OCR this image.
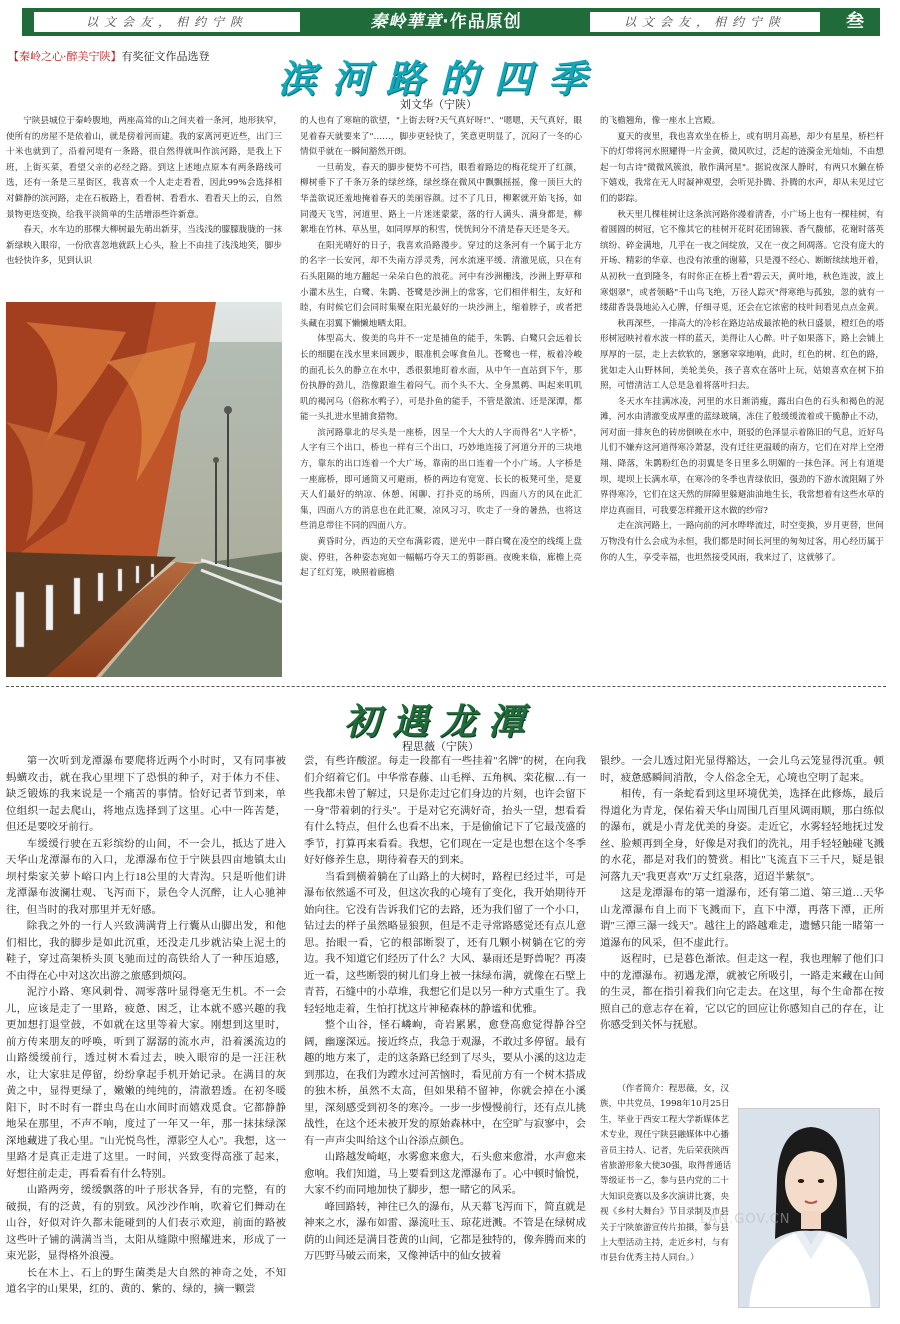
以文会友，相约宁陕	秦岭華章·作品原创	以文会友，相约宁陕	叁
【秦岭之心·醉美宁陕】有奖征文作品选登	滨河路的四季
刘文华（宁陕）

宁陕县城位于秦岭腹地，两座高耸的山之间夹着一条河，地形狭窄，使所有的房屋不是依着山，就是傍着河而建。我的家离河更近些，出门三十米也就到了，沿着河堤有一条路，很自然得就叫作滨河路，是我上下班，上街买菜，看望父亲的必经之路。到这上述地点原本有两条路线可选，还有一条是三星街区，我喜欢一个人走走看看，因此99%会选择相对僻静的滨河路，走在石板路上，看看树、看看水、看看天上的云，自然景物更迭变换，给我平淡简单的生活增添些许新意。

春天，水车边的那棵大柳树最先萌出新芽，当浅浅的朦朦胧胧的一抹新绿映入眼帘，一份欣喜忽地就跃上心头，脸上不由挂了浅浅地笑，脚步也轻快许多，见到认识

的人也有了寒暄的欲望，"上街去呀?天气真好呀!"、"嗯嗯，天气真好，眼见着春天就要来了"……，脚步更轻快了，笑意更明显了，沉闷了一冬的心情似乎就在一瞬间豁然开朗。

一旦萌发，春天的脚步便势不可挡，眼看着路边的梅花绽开了红颜，柳树垂下了千条万条的绿丝绦，绿丝绦在微风中飘飘摇摇，像一顶巨大的华盖欲说还羞地掩着春天的美丽容颜。过不了几日，柳絮就开始飞扬，如同漫天飞雪，河道里、路上一片迷迷蒙蒙，落的行人满头、满身都是，柳絮堆在竹林、草丛里，如同厚厚的积雪，恍恍间分不清是春天还是冬天。

在阳光晴好的日子，我喜欢沿路漫步。穿过的这条河有一个属于北方的名字一长安河，却不失南方浮灵秀，河水流速平缓、清澈见底，只在有石头阻隔的地方翻起一朵朵白色的浪花。河中有沙洲栅浅，沙洲上野草和小灌木丛生，白鹭、朱鹮、苍鹭是沙洲上的常客，它们相伴相生，友好和睦，有时候它们会同时集聚在阳光最好的一块沙洲上，缩着脖子，或者把头藏在羽翼下懒懒地晒太阳。

体型高大、俊美的鸟并不一定是捕鱼的能手，朱鹮、白鹭只会远着长长的细腿在浅水里来回踱步，眼准机会啄食鱼儿。苍鹭也一样，板着冷峻的面孔长久的静立在水中，悉很狠地盯着水面，从中午一直站到下午，那份执静的劲儿，浩像跟谁生着闷气。而个头不大、全身黑鹈、叫起来叽叽叽的褐河乌（俗称水鸭子），可是扑鱼的能手，不管是激流、还是深潭，都能一头扎进水里捕食猎物。

滨河路靠北的尽头是一座桥，因呈一个大大的人字而得名"人字桥"，人字有三个出口，桥也一样有三个出口，巧妙地连接了河道分开的三块地方，靠东的出口连着一个大广场，靠南的出口连着一个小广场。人字桥是一座廊桥，即可通简又可避雨，桥的两边有宽宽、长长的板凳可坐，是夏天人们最好的纳凉、休憩、闲聊、打扑克的场所，四面八方的风在此汇集，四面八方的消息也在此汇聚，凉风习习，吹走了一身的暑热，也将这些消息带往不同的四面八方。

黄昏时分，西边的天空布满彩霞，逆光中一群白鹭在凌空的线缆上盘旋、停驻，各种姿态宛如一幅幅巧夺天工的剪影画。夜晚来临，廊檐上亮起了红灯笼，映照着廊檐

的飞檐翘角，像一座水上宫殿。

夏天的夜里，我也喜欢坐在桥上，或有明月高悬，却少有星星，桥栏杆下的灯带将河水照耀得一片金黄，微风吹过，泛起的涟漪金光灿灿，不由想起一句古诗"微微风簇浪，散作满河星"。据说夜深人静时，有两只水獭在桥下嬉戏，我常在无人时凝神观望，会听见扑腾、扑腾的水声，却从未见过它们的影踪。

秋天里几棵桂树让这条滨河路你漫着清香，小广场上也有一棵桂树，有着圆圆的树冠，它不像其它的桂树开花时花团锦簇、香气馥郁，花谢时落英缤纷、碎金满地，几乎在一夜之间绽放，又在一夜之间凋落。它没有庞大的开场、精彩的华章、也没有浓重的谢幕，只是漫不经心、断断续续地开着，从初秋一直到隆冬，有时你正在桥上看"碧云天，黄叶地，秋色连波，波上寒烟翠"，或者领略"千山鸟飞绝，万径人踪灭"得寒绝与孤独，忽的就有一缕甜香袅袅地沁入心脾，仔细寻觅，还会在它浓密的枝叶间看见点点金黄。

秋再深些，一排高大的冷杉在路边站成最浓艳的秋日盛景，橙红色的塔形树冠映衬着水波一样的蓝天，美得让人心醉。叶子如果落下，路上会铺上厚厚的一层，走上去软软的，窸窸窣窣地响，此时，红色的树、红色的路，犹如走入山野林间，美轮美奂，孩子喜欢在落叶上玩，姑娘喜欢在树下拍照，可惜清洁工人总是急着将落叶扫去。

冬天水车挂满冰凌，河里的水日渐消瘦，露出白色的石头和褐色的泥滩，河水由清澈变成厚重的蓝绿玻璃，冻住了般缓缓流着或干脆静止不动，河对面一排灰色的砖房倒映在水中，斑驳的色泽显示着陈旧的气息，近好鸟儿们不嫌弃这河道得寒冷萧瑟，没有迁往更温暖的南方，它们在对岸上空滑翔、降落，朱鹮粉红色的羽翼是冬日里多么明媚的一抹色泽。河上有道堤坝，堤坝上长满水草，在寒冷的冬季也青绿依旧，强劲的下游水流阻隔了外界得寒冷，它们在这天然的屏障里躲避油油地生长，我常想着有这些水草的岸边真面目，可我要怎样搬开这水做的纱帘?

走在滨河路上，一路向前的河水哗哗流过，时空变换，岁月更替，世间万物没有什么会成为永恒，我们都是时间长河里的匆匆过客，用心经历属于你的人生，享受幸福，也坦然接受风雨，我来过了，这就够了。

初遇龙潭
程思薇（宁陕）

第一次听到龙潭瀑布要爬将近两个小时时，又有同事被蚂蟥攻击，就在我心里埋下了恐惧的种子，对于体力不佳、缺乏锻炼的我来说是一个痛苦的事情。恰好记者节到来，单位组织一起去爬山，将地点选择到了这里。心中一阵苦楚，但还是要咬牙前行。

车缓缓行驶在五彩缤纷的山间，不一会儿，抵达了进入天华山龙潭瀑布的入口，龙潭瀑布位于宁陕县四亩地镇太山坝村柴家关萝卜峪口内上行18公里的大青沟。只是听他们讲龙潭瀑布波澜壮观、飞泻而下，景色令人沉醉，让人心驰神往，但当时的我对那里并无好感。

除我之外的一行人兴致满满背上行囊从山脚出发，和他们相比，我的脚步是如此沉重，还没走几步就沾染上泥土的鞋子，穿过高架桥头顶飞驰而过的高铁给人了一种压迫感，不由得在心中对这次出游之旅感到烦闷。

泥泞小路、寒风刺骨、凋零落叶显得毫无生机。不一会儿，应该是走了一里路，疲惫、困乏，让本就不感兴趣的我更加想打退堂鼓，不如就在这里等着大家。刚想到这里时，前方传来朋友的呼唤，听到了潺潺的流水声，沿着溪流边的山路缓缓前行，透过树木看过去，映入眼帘的是一汪汪秋水，让大家驻足停留，纷纷拿起手机开始记录。在满目的灰黄之中，显得更绿了，嫩嫩的纯纯的，清澈碧透。在初冬暖阳下，时不时有一群虫鸟在山水间时而嬉戏觅食。它都静静地呆在那里，不声不响，度过了一年又一年，那一抹抹绿深深地藏进了我心里。"山光悦鸟性，潭影空人心"。我想，这一里路才是真正走进了这里。一时间，兴致变得高涨了起来，好想往前走走，再看看有什么特别。

山路两旁，缓缓飘落的叶子形状各异，有的完整，有的破损，有的泛黄，有的别致。风沙沙作响，吹着它们舞动在山谷，好似对许久都未能碰到的人们表示欢迎，前面的路被这些叶子铺的满满当当，太阳从缝隙中照耀进来，形成了一束光影，显得格外浪漫。

长在木上、石上的野生菌类是大自然的神奇之处，不知道名字的山果果，红的、黄的、紫的、绿的，摘一颗尝

尝，有些许酸涩。每走一段都有一些挂着"名牌"的树，在向我们介绍着它们。中华常春藤、山毛榉、五角枫、栾花椒…有一些我都未曾了解过，只是你走过它们身边的片刻，也许会留下一身"带着刺的行头"。于是对它充满好奇，抬头一望，想看看有什么特点，但什么也看不出来，于是偷偷记下了它最茂盛的季节，打算再来看看。我想，它们现在一定是也想在这个冬季好好修养生息，期待着春天的到来。

当看到横着躺在了山路上的大树时，路程已经过半，可是瀑布依然遥不可及，但这次我的心境有了变化，我开始期待开始向往。它没有告诉我们它的去路，还为我们留了一个小口，钻过去的样子虽然略显狼狈，但是不走寻常路感觉还有点儿意思。抬眼一看，它的根部断裂了，还有几颗小树躺在它的旁边。我不知道它们经历了什么？大风、暴雨还是野兽呢？再凑近一看，这些断裂的树儿们身上被一抹绿布满，就像在石壁上青苔，石缝中的小草堆，我想它们是以另一种方式重生了。我轻轻地走着，生怕打扰这片神秘森林的静谧和优雅。

整个山谷，怪石嶙峋，奇岩累累，愈登高愈觉得静谷空阔，幽邃深远。接近终点，我急于观瀑，不敢过多停留。最有趣的地方来了，走的这条路已经到了尽头，要从小溪的这边走到那边，在我们为蹚水过河苦恼时，看见前方有一个树木搭成的独木桥，虽然不太高，但如果稍不留神，你就会掉在小溪里，深刻感受到初冬的寒冷。一步一步慢慢前行，还有点儿挑战性，在这个还未被开发的原始森林中，在空旷与寂寥中，会有一声声尖叫给这个山谷添点颜色。

山路越发崎岖，水雾愈来愈大，石头愈来愈滑，水声愈来愈响。我们知道，马上要看到这龙潭瀑布了。心中顿时愉悦，大家不约而同地加快了脚步，想一睹它的风采。

峰回路转，神往已久的瀑布，从天幕飞泻而下，简直就是神来之水，瀑布如雷、瀑流吐玉、琼花迸溅。不管是在绿树成荫的山间还是满目苍黄的山间，它都是独特的，像奔腾而来的万匹野马破云而来，又像神话中的仙女披着

银纱。一会儿透过阳光显得豁达，一会儿乌云笼显得沉重。顿时，疲惫感瞬间消散，令人俗念全无，心境也空明了起来。

相传，有一条蛇看到这里环境优美，选择在此修炼，最后得道化为青龙，保佑着天华山周围几百里风调雨顺，那白练似的瀑布，就是小青龙优美的身姿。走近它，水雾轻轻地抚过发丝、脸颊再到全身，好像是对我们的洗礼，用手轻轻触碰飞溅的水花，都是对我们的赞赏。相比"飞流直下三千尺，疑是银河落九天"我更喜欢"万丈红泉落，迢迢半紫氛"。

这是龙潭瀑布的第一道瀑布，还有第二道、第三道…天华山龙潭瀑布自上而下飞溅而下，直下中潭，再落下潭，正所谓"三潭三瀑一线天"。越往上的路越难走，遗憾只能一睹第一道瀑布的风采，但不虚此行。

返程时，已是暮色渐浓。但走这一程，我也理解了他们口中的龙潭瀑布。初遇龙潭，就被它所吸引，一路走来藏在山间的生灵，都在指引着我们向它走去。在这里，每个生命都在按照自己的意志存在着，它以它的回应让你感知自己的存在，让你感受到关怀与抚慰。

（作者简介：程思薇，女，汉族，中共党员，1998年10月25日生，毕业于西安工程大学新媒体艺术专业，现任宁陕县融媒体中心播音员主持人、记者，先后荣获陕西省旅游形象大使30强，取得普通话等级证书一乙，参与县内党的二十大知识竞赛以及多次演讲比赛，央视《乡村大舞台》节目录制及市县关于宁陕旅游宣传片拍摄，参与县上大型活动主持，走近乡村，与有市县台优秀主持人同台。）
LAN.GOV.CN
